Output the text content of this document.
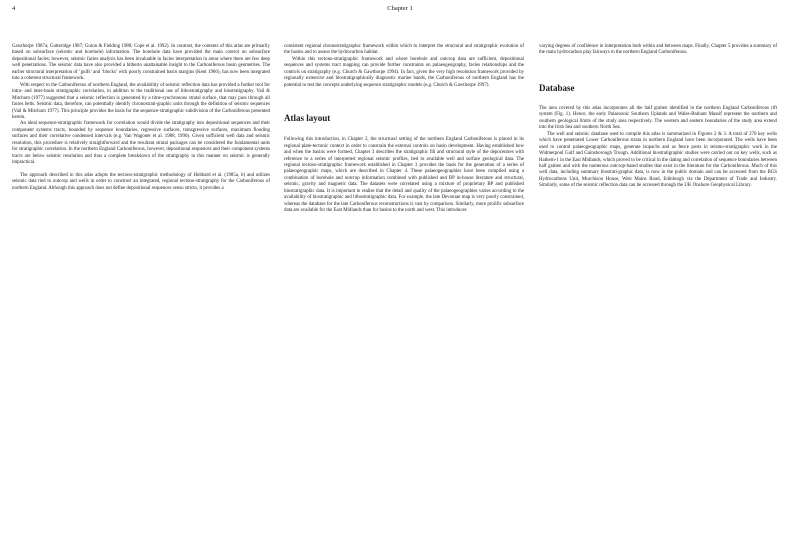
4	Chapter 1

Gawthorpe 1987a; Gutteridge 1987; Guion & Fielding 1988; Cope et al. 1992). In contrast, the contents of this atlas are primarily based on subsurface (seismic and borehole) information. The borehole data have provided the main control on subsurface depositional facies; however, seismic facies analysis has been invaluable in facies interpretation in areas where there are few deep well penetrations. The seismic data have also provided a hitherto unattainable insight to the Carboniferous basin geometries. The earlier structural interpretation of ‘gulfs’ and ‘blocks’ with poorly constrained basin margins (Kent 1966), has now been integrated into a coherent structural framework.

With respect to the Carboniferous of northern England, the availability of seismic reflection data has provided a further tool for intra- and inter-basin stratigraphic correlation, in addition to the traditional use of lithostratigraphy and biostratigraphy. Vail & Mitchum (1977) suggested that a seismic reflection is generated by a time-synchronous stratal surface, that may pass through all facies belts. Seismic data, therefore, can potentially identify chronostrati-graphic units through the definition of seismic sequences (Vail & Mitchum 1977). This principle provides the basis for the sequence-stratigraphic subdivision of the Carboniferous presented herein.

An ideal sequence-stratigraphic framework for correlation would divide the stratigraphy into depositional sequences and their component systems tracts, bounded by sequence boundaries, regressive surfaces, transgressive surfaces, maximum flooding surfaces and their correlative condensed intervals (e.g. Van Wagoner et al. 1988, 1990). Given sufficient well data and seismic resolution, this procedure is relatively straightforward and the resultant stratal packages can be considered the fundamental units for stratigraphic correlation. In the northern England Carboniferous, however, depositional sequences and their component systems tracts are below seismic resolution and thus a complete breakdown of the stratigraphy in this manner on seismic is generally impractical.

The approach described in this atlas adopts the tectono-stratigraphic methodology of Hubbard et al. (1985a, b) and utilizes seismic data tied to outcrop and wells in order to construct an integrated, regional tectono-stratigraphy for the Carboniferous of northern England. Although this approach does not define depositional sequences sensu stricto, it provides a

consistent regional chronostratigraphic framework within which to interpret the structural and stratigraphic evolution of the basins and to assess the hydrocarbon habitat.

Within this tectono-stratigraphic framework and where borehole and outcrop data are sufficient, depositional sequences and systems tract mapping can provide further constraints on palaeogeography, facies relationships and the controls on stratigraphy (e.g. Church & Gawthorpe 1994). In fact, given the very high resolution framework provided by regionally extensive and biostratigraphically diagnostic marine bands, the Carboniferous of northern England has the potential to test the concepts underlying sequence stratigraphic models (e.g. Church & Gawthorpe 1997).

Atlas layout

Following this introduction, in Chapter 2, the structural setting of the northern England Carboniferous is placed in its regional plate-tectonic context in order to constrain the external controls on basin development. Having established how and when the basins were formed, Chapter 3 describes the stratigraphic fill and structural style of the depocentres with reference to a series of interpreted regional seismic profiles, tied to available well and surface geological data. The regional tectono-stratigraphic framework established in Chapter 3 provides the basis for the generation of a series of palaeogeographic maps, which are described in Chapter 4. These palaeogeographies have been compiled using a combination of borehole and outcrop information combined with published and BP in-house literature and structural, seismic, gravity and magnetic data. The datasets were correlated using a mixture of proprietary BP and published biostratigraphic data. It is important to realise that the detail and quality of the palaeogeographies varies according to the availability of biostratigraphic and lithostratigraphic data. For example, the late Devonian map is very poorly constrained, whereas the database for the late Carboniferous reconstructions is vast by comparison. Similarly, more prolific subsurface data are available for the East Midlands than for basins to the north and west. This introduces

varying degrees of confidence in interpretation both within and between maps. Finally, Chapter 5 provides a summary of the main hydrocarbon play fairways in the northern England Carboniferous.

Database

The area covered by this atlas incorporates all the half graben identified in the northern England Carboniferous rift system (Fig. 1). Hence, the early Palaeozoic Southern Uplands and Wales-Brabant Massif represent the northern and southern geological limits of the study area respectively. The western and eastern boundaries of the study area extend into the Irish Sea and southern North Sea.

The well and seismic database used to compile this atlas is summarized in Figures 2 & 3. A total of 270 key wells which have penetrated Lower Carboniferous strata in northern England have been incorporated. The wells have been used to control palaeogeographic maps, generate isopachs and as fence posts in seismo-stratigraphic work in the Widmerpool Gulf and Gainsborough Trough. Additional biostratigraphic studies were carried out on key wells, such as Hathern-1 in the East Midlands, which proved to be critical in the dating and correlation of sequence boundaries between half graben and with the numerous outcrop-based studies that exist in the literature for the Carboniferous. Much of this well data, including summary biostrati-graphic data, is now in the public domain and can be accessed from the BGS Hydrocarbons Unit, Murchison House, West Mains Road, Edinburgh via the Department of Trade and Industry. Similarly, some of the seismic reflection data can be accessed through the UK Onshore Geophysical Library.
